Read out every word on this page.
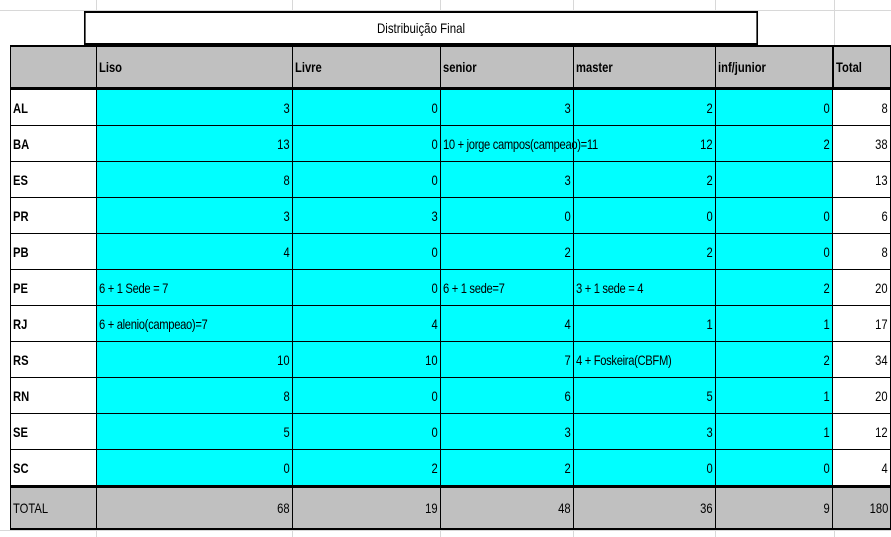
Distribuição Final
	Liso	Livre	senior	master	inf/junior	Total
AL	3	0	3	2	0	8
BA	13	0	10 + jorge campos(campeao)=11	12	2	38
ES	8	0	3	2		13
PR	3	3	0	0	0	6
PB	4	0	2	2	0	8
PE	6 + 1 Sede = 7	0	6 + 1 sede=7	3 + 1 sede = 4	2	20
RJ	6 + alenio(campeao)=7	4	4	1	1	17
RS	10	10	7	4 + Foskeira(CBFM)	2	34
RN	8	0	6	5	1	20
SE	5	0	3	3	1	12
SC	0	2	2	0	0	4
TOTAL	68	19	48	36	9	180
